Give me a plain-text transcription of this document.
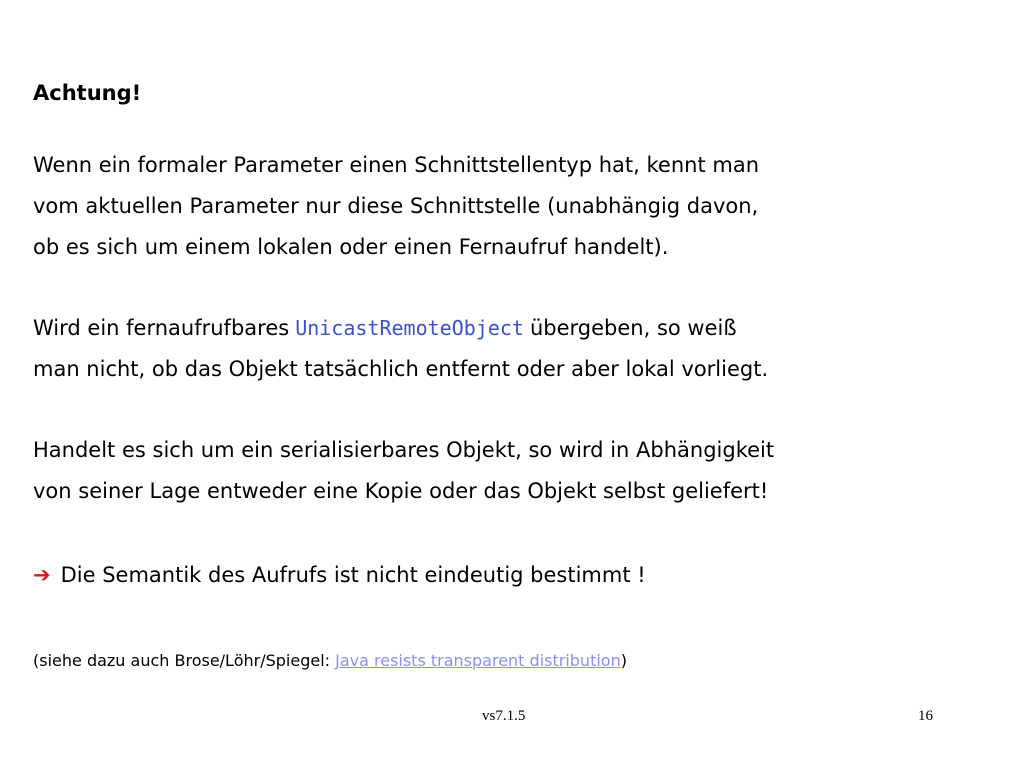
Achtung!
Wenn ein formaler Parameter einen Schnittstellentyp hat, kennt man
vom aktuellen Parameter nur diese Schnittstelle (unabhängig davon,
ob es sich um einem lokalen oder einen Fernaufruf handelt).
Wird ein fernaufrufbares UnicastRemoteObject übergeben, so weiß
man nicht, ob das Objekt tatsächlich entfernt oder aber lokal vorliegt.
Handelt es sich um ein serialisierbares Objekt, so wird in Abhängigkeit
von seiner Lage entweder eine Kopie oder das Objekt selbst geliefert!
➔ Die Semantik des Aufrufs ist nicht eindeutig bestimmt !
(siehe dazu auch Brose/Löhr/Spiegel: Java resists transparent distribution)
vs7.1.5	16
